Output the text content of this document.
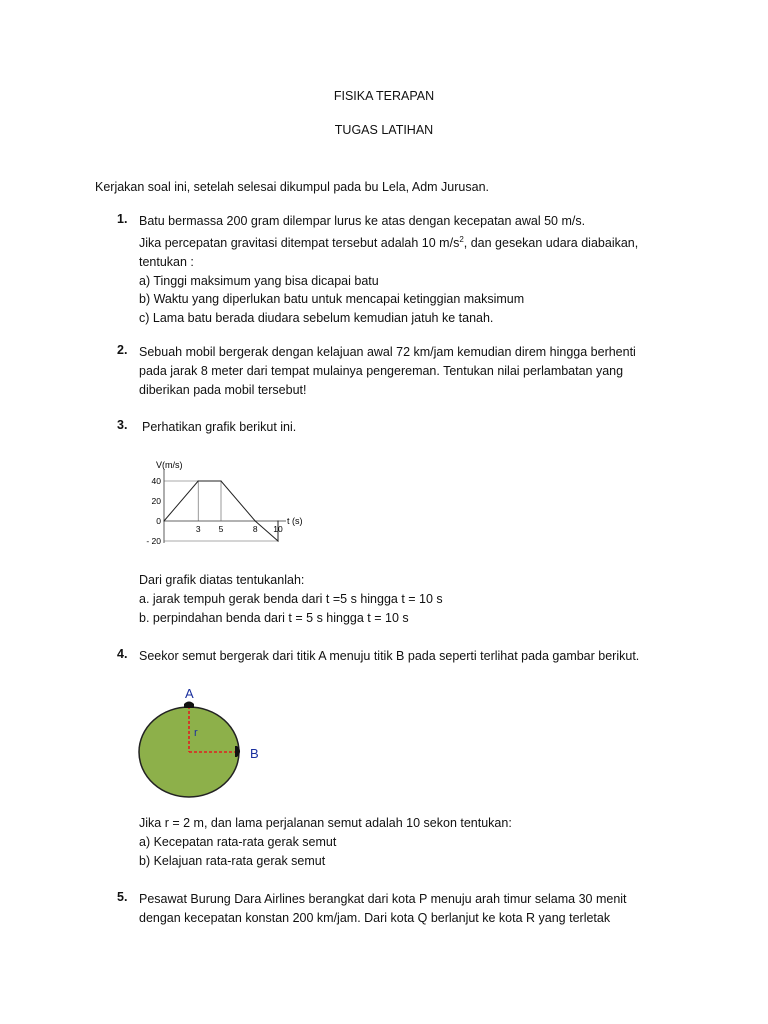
FISIKA TERAPAN
TUGAS LATIHAN
Kerjakan soal ini, setelah selesai dikumpul pada bu Lela, Adm Jurusan.
1. Batu bermassa 200 gram dilempar lurus ke atas dengan kecepatan awal 50 m/s.
Jika percepatan gravitasi ditempat tersebut adalah 10 $m/s^2$, dan gesekan udara diabaikan,
tentukan :
a) Tinggi maksimum yang bisa dicapai batu
b) Waktu yang diperlukan batu untuk mencapai ketinggian maksimum
c) Lama batu berada diudara sebelum kemudian jatuh ke tanah.
2. Sebuah mobil bergerak dengan kelajuan awal 72 km/jam kemudian direm hingga berhenti
pada jarak 8 meter dari tempat mulainya pengereman. Tentukan nilai perlambatan yang
diberikan pada mobil tersebut!
3. Perhatikan grafik berikut ini.
V(m/s)
40
20
0
- 20
3 5	8 10
t (s)
Dari grafik diatas tentukanlah:
a. jarak tempuh gerak benda dari t =5 s hingga t = 10 s
b. perpindahan benda dari t = 5 s hingga t = 10 s
4. Seekor semut bergerak dari titik A menuju titik B pada seperti terlihat pada gambar berikut.
A
B
r
Jika r = 2 m, dan lama perjalanan semut adalah 10 sekon tentukan:
a) Kecepatan rata-rata gerak semut
b) Kelajuan rata-rata gerak semut
5. Pesawat Burung Dara Airlines berangkat dari kota P menuju arah timur selama 30 menit
dengan kecepatan konstan 200 km/jam. Dari kota Q berlanjut ke kota R yang terletak
